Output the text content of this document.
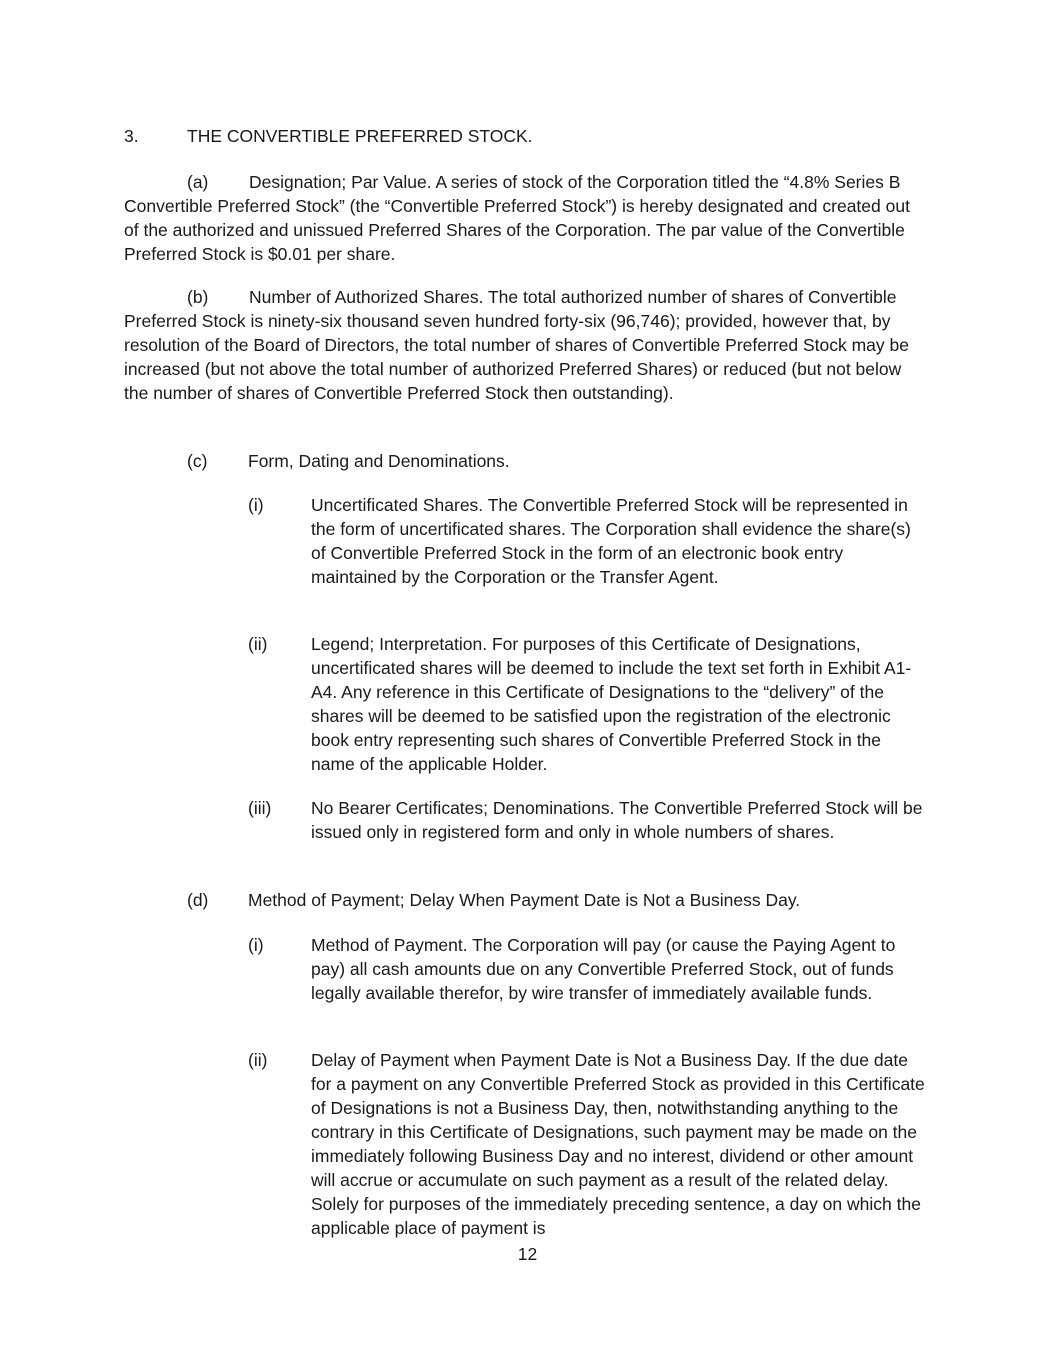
3.	THE CONVERTIBLE PREFERRED STOCK.
(a) Designation; Par Value. A series of stock of the Corporation titled the “4.8% Series B Convertible Preferred Stock” (the “Convertible Preferred Stock”) is hereby designated and created out of the authorized and unissued Preferred Shares of the Corporation. The par value of the Convertible Preferred Stock is $0.01 per share.
(b) Number of Authorized Shares. The total authorized number of shares of Convertible Preferred Stock is ninety-six thousand seven hundred forty-six (96,746); provided, however that, by resolution of the Board of Directors, the total number of shares of Convertible Preferred Stock may be increased (but not above the total number of authorized Preferred Shares) or reduced (but not below the number of shares of Convertible Preferred Stock then outstanding).
(c) Form, Dating and Denominations.
(i)	Uncertificated Shares. The Convertible Preferred Stock will be represented in the form of uncertificated shares. The Corporation shall evidence the share(s) of Convertible Preferred Stock in the form of an electronic book entry maintained by the Corporation or the Transfer Agent.
(ii)	Legend; Interpretation. For purposes of this Certificate of Designations, uncertificated shares will be deemed to include the text set forth in Exhibit A1-A4. Any reference in this Certificate of Designations to the “delivery” of the shares will be deemed to be satisfied upon the registration of the electronic book entry representing such shares of Convertible Preferred Stock in the name of the applicable Holder.
(iii)	No Bearer Certificates; Denominations. The Convertible Preferred Stock will be issued only in registered form and only in whole numbers of shares.
(d) Method of Payment; Delay When Payment Date is Not a Business Day.
(i)	Method of Payment. The Corporation will pay (or cause the Paying Agent to pay) all cash amounts due on any Convertible Preferred Stock, out of funds legally available therefor, by wire transfer of immediately available funds.
(ii)	Delay of Payment when Payment Date is Not a Business Day. If the due date for a payment on any Convertible Preferred Stock as provided in this Certificate of Designations is not a Business Day, then, notwithstanding anything to the contrary in this Certificate of Designations, such payment may be made on the immediately following Business Day and no interest, dividend or other amount will accrue or accumulate on such payment as a result of the related delay. Solely for purposes of the immediately preceding sentence, a day on which the applicable place of payment is
12
